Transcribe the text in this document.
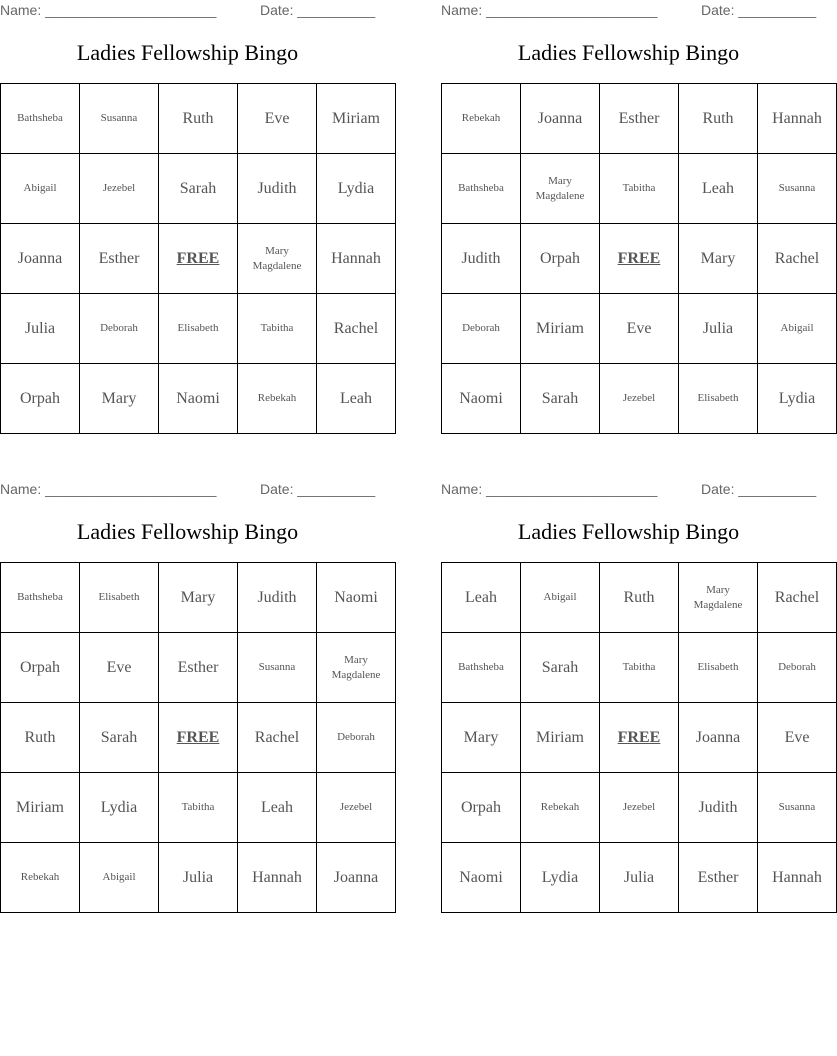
Name: ______________________	Date: __________
Ladies Fellowship Bingo
Bathsheba	Susanna	Ruth	Eve	Miriam
Abigail	Jezebel	Sarah	Judith	Lydia
Joanna	Esther	FREE	Mary Magdalene	Hannah
Julia	Deborah	Elisabeth	Tabitha	Rachel
Orpah	Mary	Naomi	Rebekah	Leah
Name: ______________________	Date: __________
Ladies Fellowship Bingo
Rebekah	Joanna	Esther	Ruth	Hannah
Bathsheba	Mary Magdalene	Tabitha	Leah	Susanna
Judith	Orpah	FREE	Mary	Rachel
Deborah	Miriam	Eve	Julia	Abigail
Naomi	Sarah	Jezebel	Elisabeth	Lydia
Name: ______________________	Date: __________
Ladies Fellowship Bingo
Bathsheba	Elisabeth	Mary	Judith	Naomi
Orpah	Eve	Esther	Susanna	Mary Magdalene
Ruth	Sarah	FREE	Rachel	Deborah
Miriam	Lydia	Tabitha	Leah	Jezebel
Rebekah	Abigail	Julia	Hannah	Joanna
Name: ______________________	Date: __________
Ladies Fellowship Bingo
Leah	Abigail	Ruth	Mary Magdalene	Rachel
Bathsheba	Sarah	Tabitha	Elisabeth	Deborah
Mary	Miriam	FREE	Joanna	Eve
Orpah	Rebekah	Jezebel	Judith	Susanna
Naomi	Lydia	Julia	Esther	Hannah
